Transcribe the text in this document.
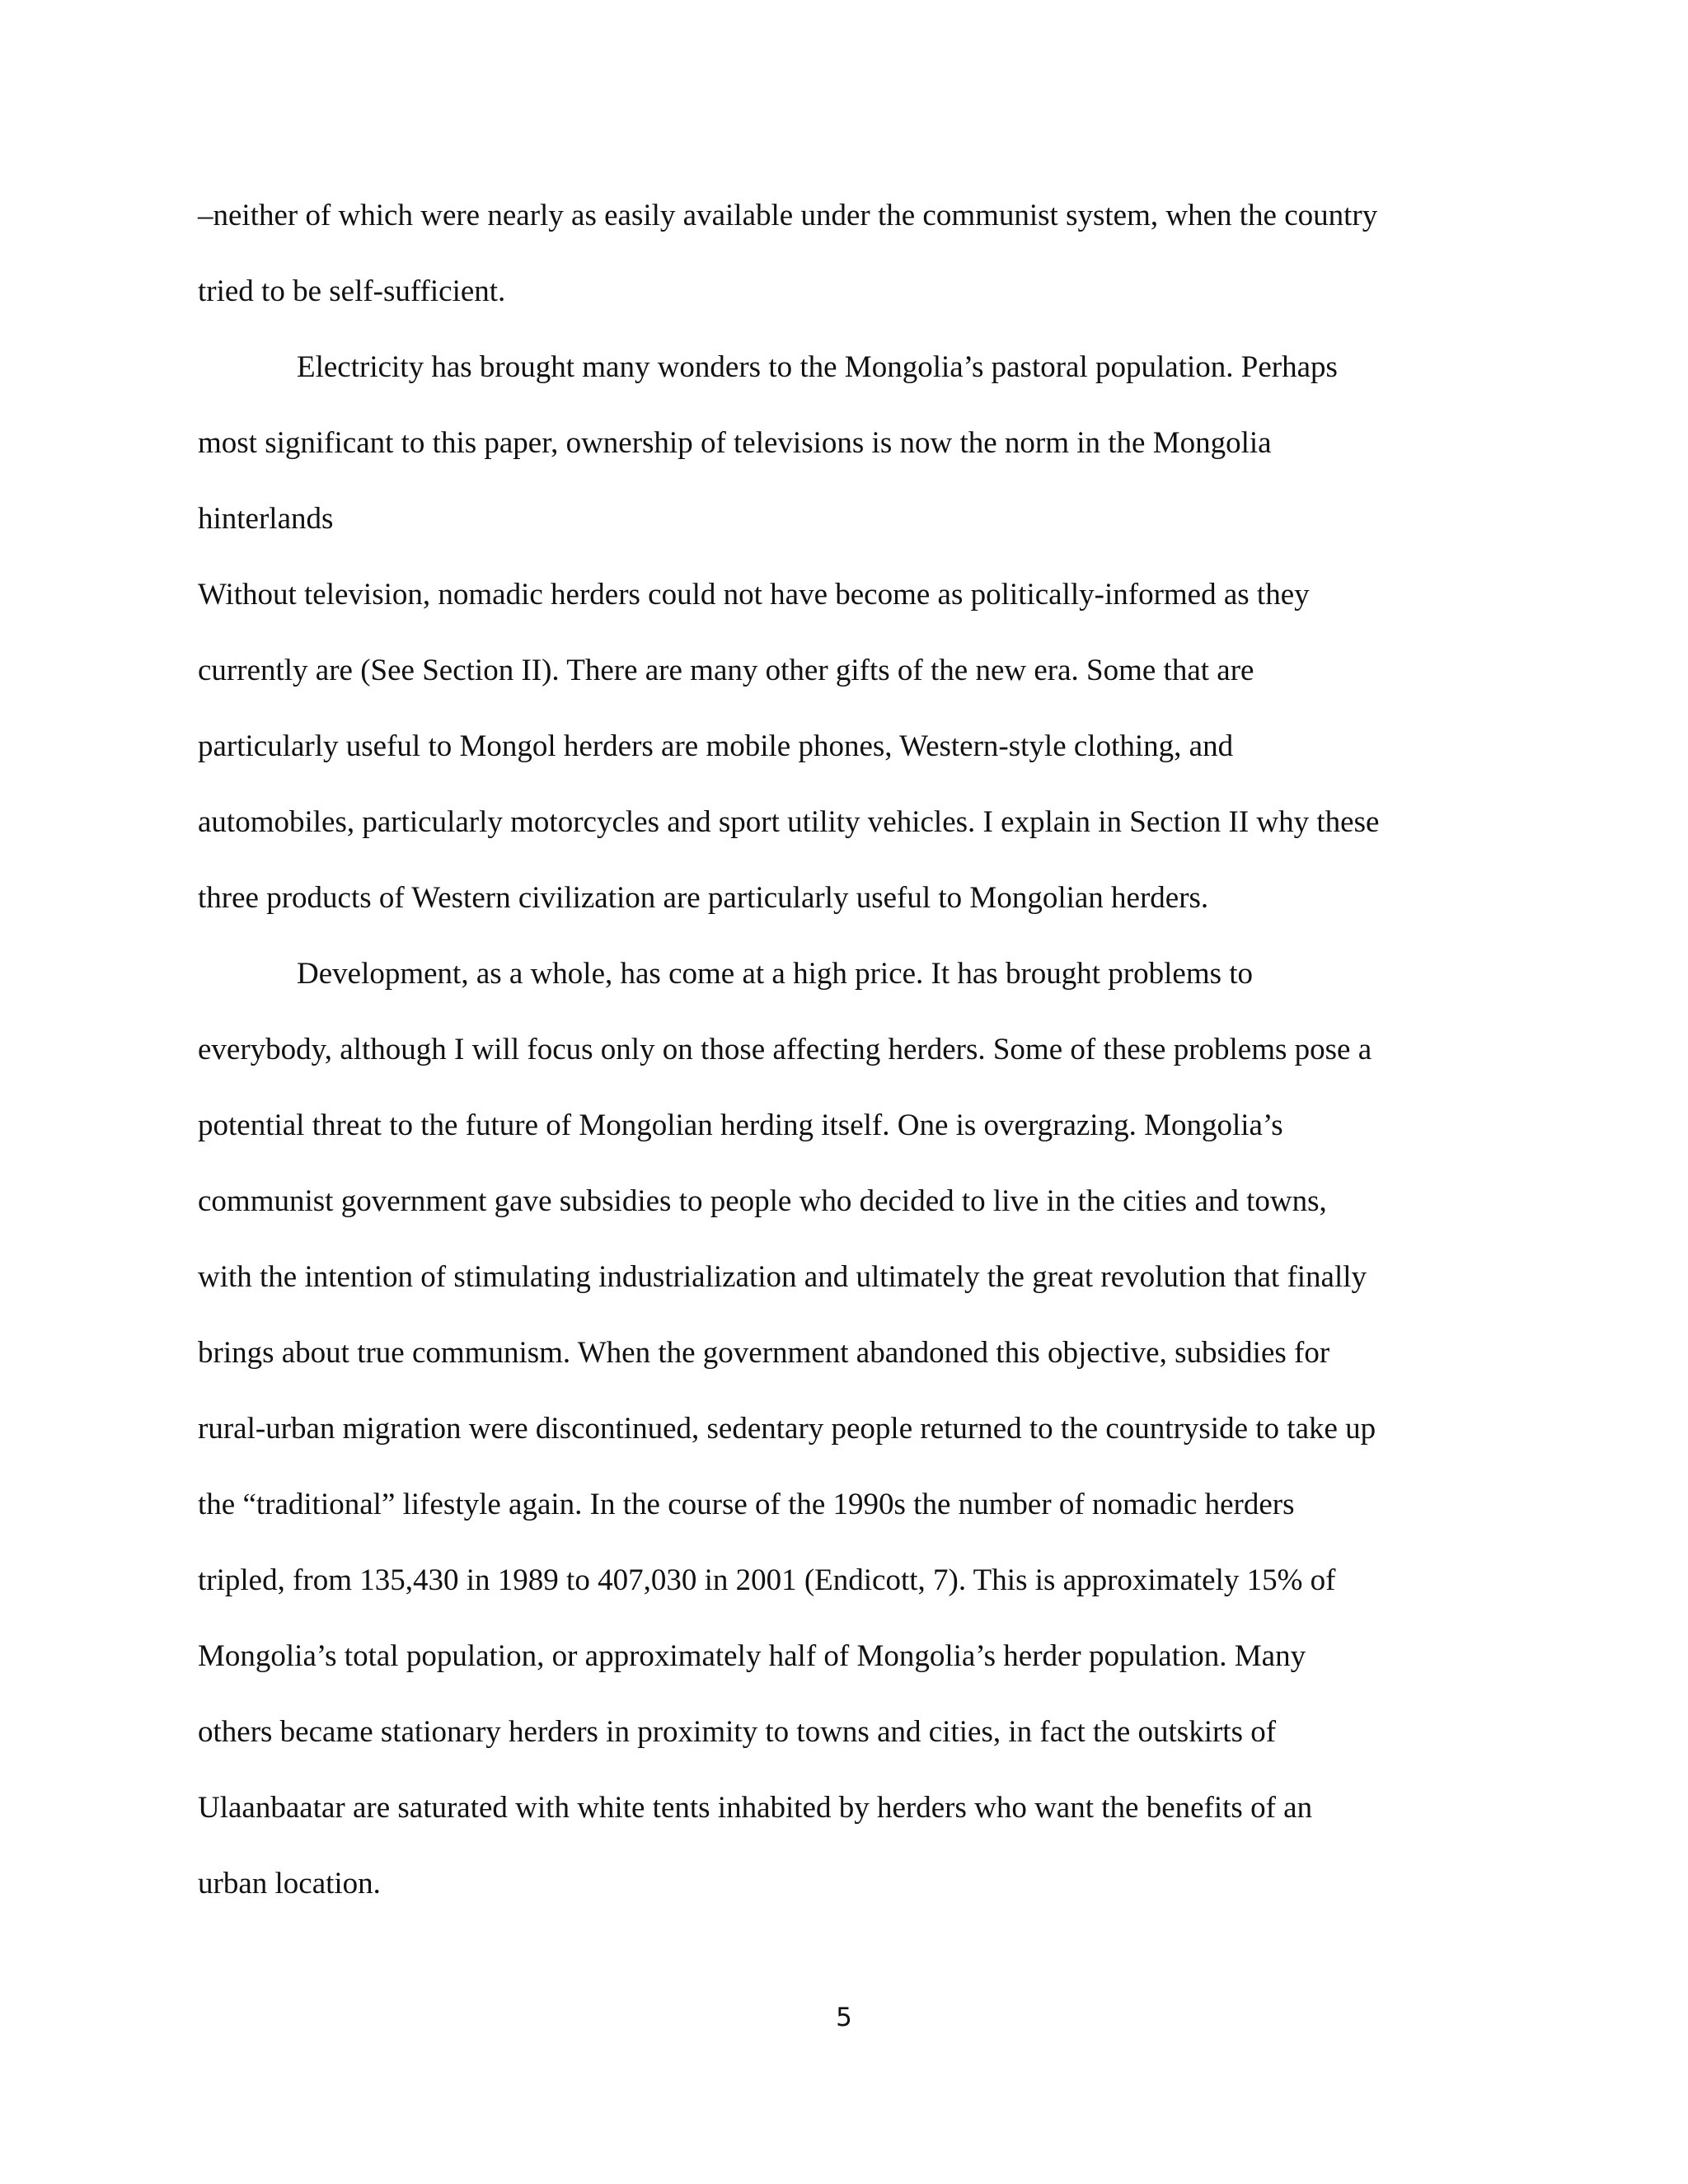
–neither of which were nearly as easily available under the communist system, when the country
tried to be self-sufficient.
Electricity has brought many wonders to the Mongolia’s pastoral population. Perhaps
most significant to this paper, ownership of televisions is now the norm in the Mongolia
hinterlands
Without television, nomadic herders could not have become as politically-informed as they
currently are (See Section II). There are many other gifts of the new era. Some that are
particularly useful to Mongol herders are mobile phones, Western-style clothing, and
automobiles, particularly motorcycles and sport utility vehicles. I explain in Section II why these
three products of Western civilization are particularly useful to Mongolian herders.
Development, as a whole, has come at a high price. It has brought problems to
everybody, although I will focus only on those affecting herders. Some of these problems pose a
potential threat to the future of Mongolian herding itself. One is overgrazing. Mongolia’s
communist government gave subsidies to people who decided to live in the cities and towns,
with the intention of stimulating industrialization and ultimately the great revolution that finally
brings about true communism. When the government abandoned this objective, subsidies for
rural-urban migration were discontinued, sedentary people returned to the countryside to take up
the “traditional” lifestyle again. In the course of the 1990s the number of nomadic herders
tripled, from 135,430 in 1989 to 407,030 in 2001 (Endicott, 7). This is approximately 15% of
Mongolia’s total population, or approximately half of Mongolia’s herder population. Many
others became stationary herders in proximity to towns and cities, in fact the outskirts of
Ulaanbaatar are saturated with white tents inhabited by herders who want the benefits of an
urban location.
5
